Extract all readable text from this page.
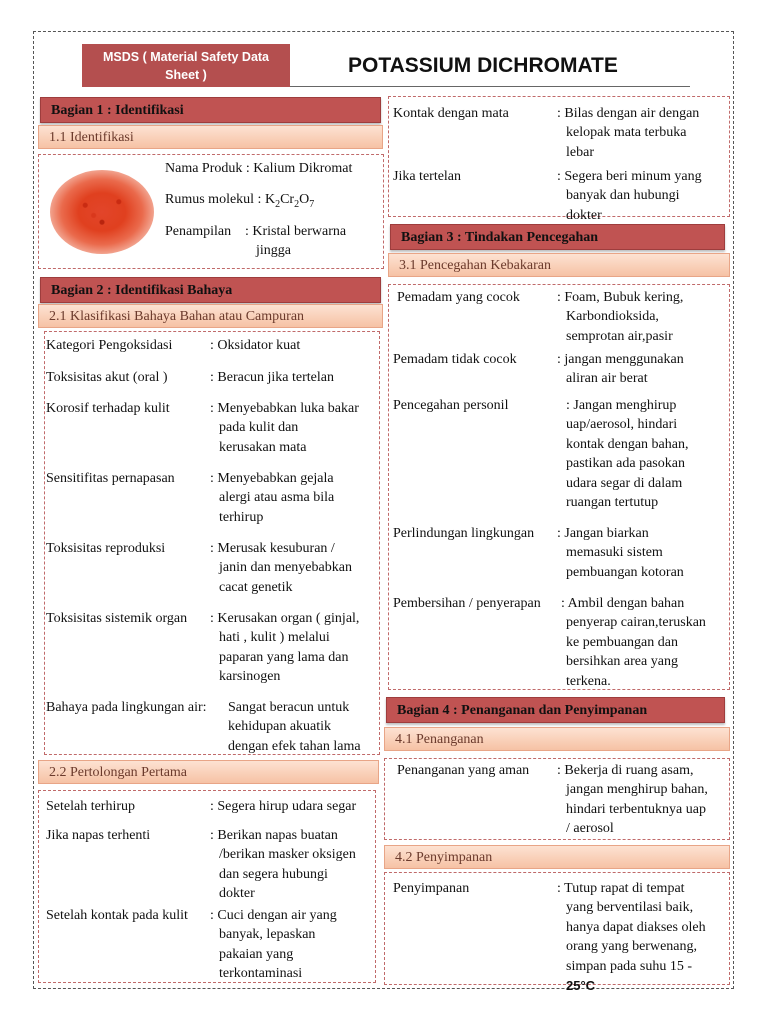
MSDS ( Material Safety Data
Sheet )	POTASSIUM DICHROMATE
Bagian 1 : Identifikasi
1.1 Identifikasi
Nama Produk : Kalium Dikromat
Rumus molekul : $K_2Cr_2O_7$
Penampilan : Kristal berwarna
jingga
Bagian 2 : Identifikasi Bahaya
2.1 Klasifikasi Bahaya Bahan atau Campuran
Kategori Pengoksidasi	: Oksidator kuat
Toksisitas akut (oral )	: Beracun jika tertelan
Korosif terhadap kulit	: Menyebabkan luka bakar
pada kulit dan
kerusakan mata
Sensitifitas pernapasan	: Menyebabkan gejala
alergi atau asma bila
terhirup
Toksisitas reproduksi	: Merusak kesuburan /
janin dan menyebabkan
cacat genetik
Toksisitas sistemik organ : Kerusakan organ ( ginjal,
hati , kulit ) melalui
paparan yang lama dan
karsinogen
Bahaya pada lingkungan air: Sangat beracun untuk
kehidupan akuatik
dengan efek tahan lama
2.2 Pertolongan Pertama
Setelah terhirup	: Segera hirup udara segar
Jika napas terhenti	: Berikan napas buatan
/berikan masker oksigen
dan segera hubungi
dokter
Setelah kontak pada kulit : Cuci dengan air yang
banyak, lepaskan
pakaian yang
terkontaminasi
Kontak dengan mata	: Bilas dengan air dengan
kelopak mata terbuka
lebar
Jika tertelan	: Segera beri minum yang
banyak dan hubungi
dokter
Bagian 3 : Tindakan Pencegahan
3.1 Pencegahan Kebakaran
Pemadam yang cocok	: Foam, Bubuk kering,
Karbondioksida,
semprotan air,pasir
Pemadam tidak cocok	: jangan menggunakan
aliran air berat
Pencegahan personil	: Jangan menghirup
uap/aerosol, hindari
kontak dengan bahan,
pastikan ada pasokan
udara segar di dalam
ruangan tertutup
Perlindungan lingkungan : Jangan biarkan
memasuki sistem
pembuangan kotoran
Pembersihan / penyerapan : Ambil dengan bahan
penyerap cairan,teruskan
ke pembuangan dan
bersihkan area yang
terkena.
Bagian 4 : Penanganan dan Penyimpanan
4.1 Penanganan
Penanganan yang aman : Bekerja di ruang asam,
jangan menghirup bahan,
hindari terbentuknya uap
/ aerosol
4.2 Penyimpanan
Penyimpanan	: Tutup rapat di tempat
yang berventilasi baik,
hanya dapat diakses oleh
orang yang berwenang,
simpan pada suhu 15 -
25°C
